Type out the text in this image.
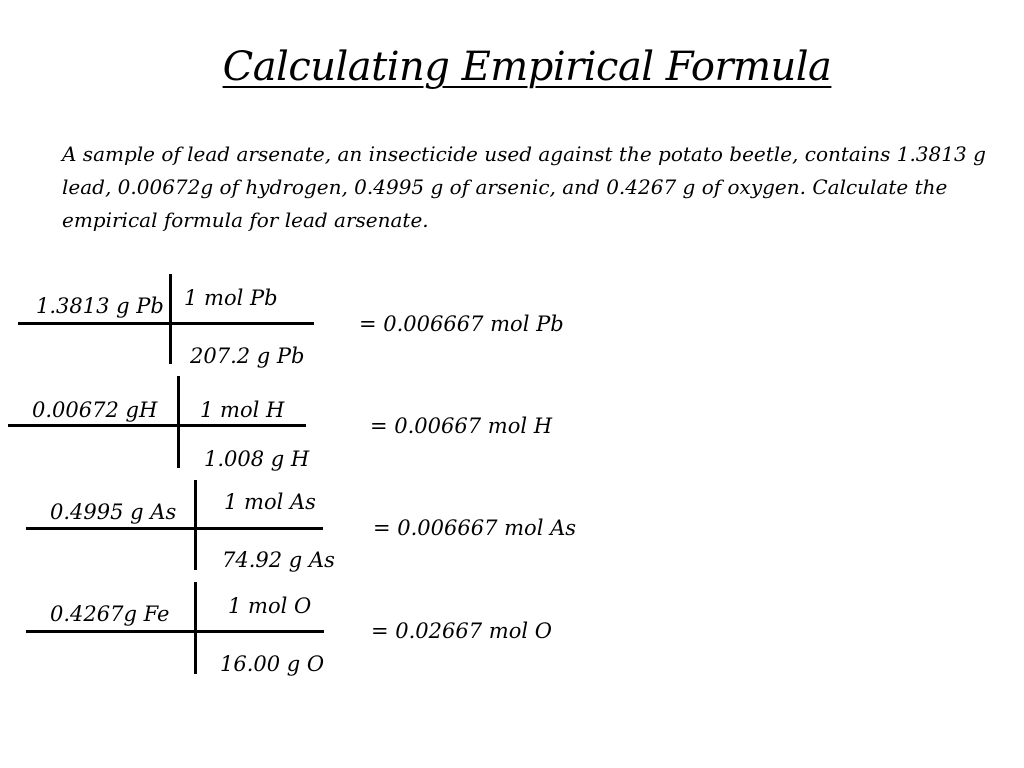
Calculating Empirical Formula
A sample of lead arsenate, an insecticide used against the potato beetle, contains 1.3813 g
lead, 0.00672g of hydrogen, 0.4995 g of arsenic, and 0.4267 g of oxygen. Calculate the
empirical formula for lead arsenate.
1.3813 g Pb 1 mol Pb
207.2 g Pb
= 0.006667 mol Pb
0.00672 gH 1 mol H
1.008 g H
= 0.00667 mol H
0.4995 g As 1 mol As
74.92 g As
= 0.006667 mol As
0.4267g Fe	1 mol O
16.00 g O
= 0.02667 mol O
